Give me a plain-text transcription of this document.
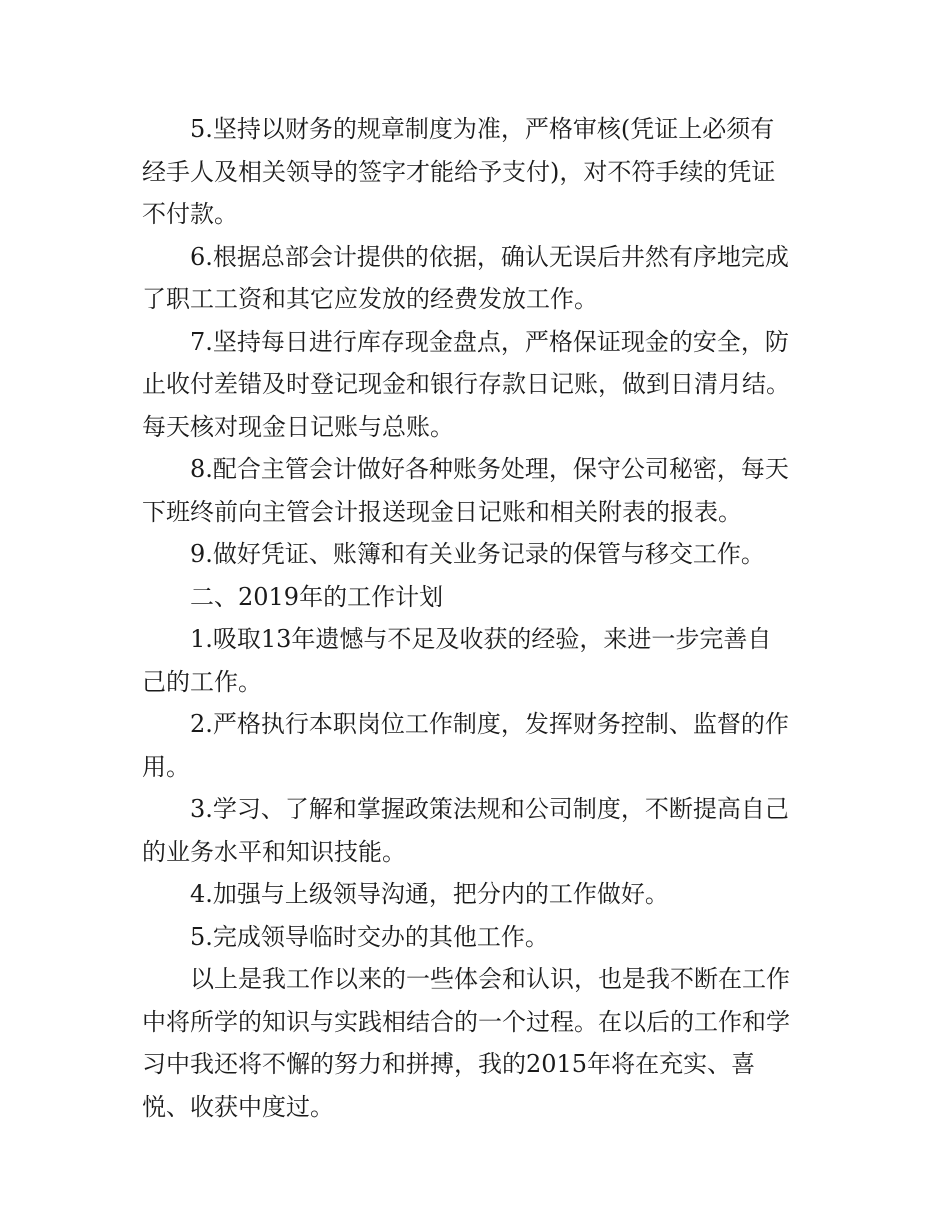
5.坚持以财务的规章制度为准，严格审核(凭证上必须有
经手人及相关领导的签字才能给予支付)，对不符手续的凭证
不付款。
6.根据总部会计提供的依据，确认无误后井然有序地完成
了职工工资和其它应发放的经费发放工作。
7.坚持每日进行库存现金盘点，严格保证现金的安全，防
止收付差错及时登记现金和银行存款日记账，做到日清月结。
每天核对现金日记账与总账。
8.配合主管会计做好各种账务处理，保守公司秘密，每天
下班终前向主管会计报送现金日记账和相关附表的报表。
9.做好凭证、账簿和有关业务记录的保管与移交工作。
二、2019年的工作计划
1.吸取13年遗憾与不足及收获的经验，来进一步完善自
己的工作。
2.严格执行本职岗位工作制度，发挥财务控制、监督的作
用。
3.学习、了解和掌握政策法规和公司制度，不断提高自己
的业务水平和知识技能。
4.加强与上级领导沟通，把分内的工作做好。
5.完成领导临时交办的其他工作。
以上是我工作以来的一些体会和认识，也是我不断在工作
中将所学的知识与实践相结合的一个过程。在以后的工作和学
习中我还将不懈的努力和拼搏，我的2015年将在充实、喜
悦、收获中度过。
